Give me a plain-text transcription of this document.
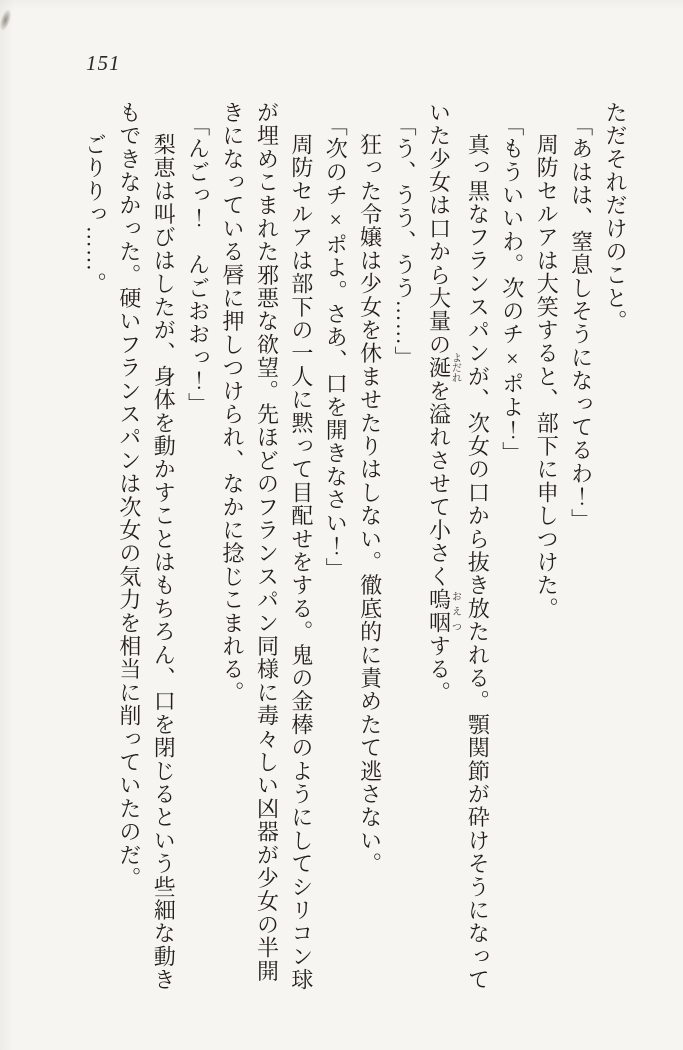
151

ただそれだけのこと。

「あはは、窒息しそうになってるわ！」

周防セルアは大笑すると、部下に申しつけた。

「もういいわ。次のチ×ポよ！」

真っ黒なフランスパンが、次女の口から抜き放たれる。顎関節が砕けそうになって

いた少女は口から大量の涎よだれを溢れさせて小さく嗚咽おえつする。

「う、うう、うう……」

狂った令嬢は少女を休ませたりはしない。徹底的に責めたて逃さない。

「次のチ×ポよ。さあ、口を開きなさい！」

周防セルアは部下の一人に黙って目配せをする。鬼の金棒のようにしてシリコン球

が埋めこまれた邪悪な欲望。先ほどのフランスパン同様に毒々しい凶器が少女の半開

きになっている唇に押しつけられ、なかに捻じこまれる。

「んごっ！　んごおおっ！」

梨恵は叫びはしたが、身体を動かすことはもちろん、口を閉じるという些細な動き

もできなかった。硬いフランスパンは次女の気力を相当に削っていたのだ。

ごりりっ……。
